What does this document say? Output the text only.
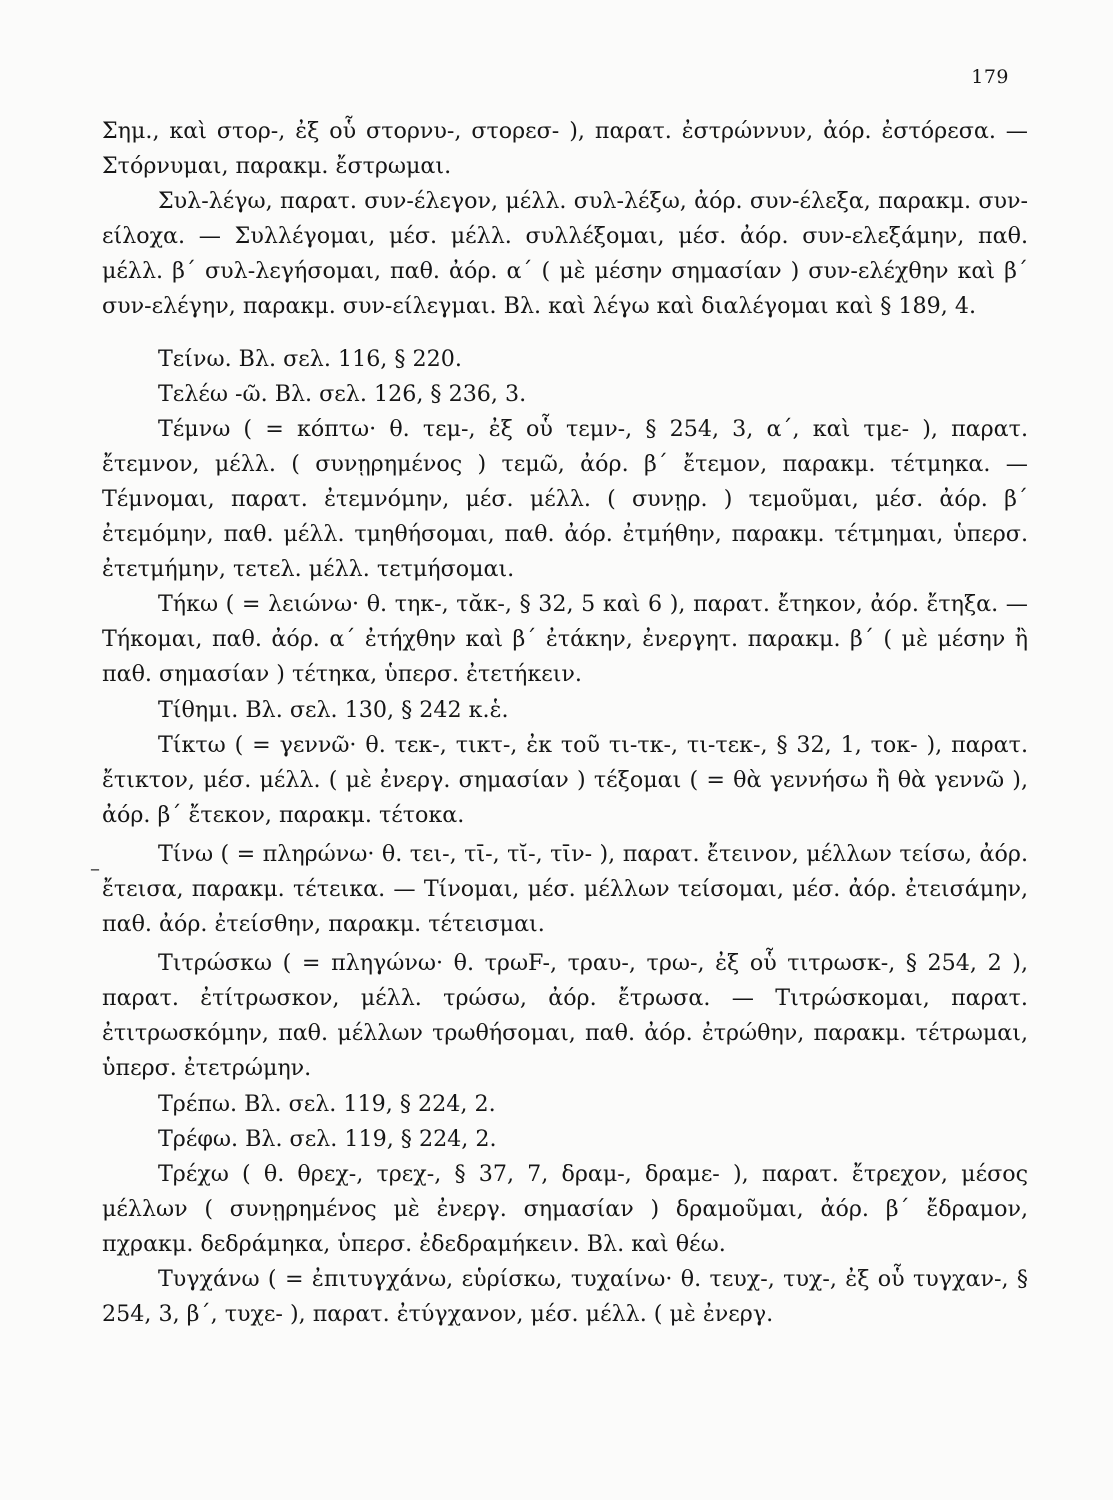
179
–
Σημ., καὶ στορ-, ἐξ οὗ στορνυ-, στορεσ- ), παρατ. ἐστρώννυν, ἀόρ. ἐστόρεσα. — Στόρνυμαι, παρακμ. ἔστρωμαι.
Συλ-λέγω, παρατ. συν-έλεγον, μέλλ. συλ-λέξω, ἀόρ. συν-έλεξα, παρακμ. συν-είλοχα. — Συλλέγομαι, μέσ. μέλλ. συλλέξομαι, μέσ. ἀόρ. συν-ελεξάμην, παθ. μέλλ. β΄ συλ-λεγήσομαι, παθ. ἀόρ. α΄ ( μὲ μέσην σημασίαν ) συν-ελέχθην καὶ β΄ συν-ελέγην, παρακμ. συν-είλεγμαι. Βλ. καὶ λέγω καὶ διαλέγομαι καὶ § 189, 4.
Τείνω. Βλ. σελ. 116, § 220.
Τελέω -ῶ. Βλ. σελ. 126, § 236, 3.
Τέμνω ( = κόπτω· θ. τεμ-, ἐξ οὗ τεμν-, § 254, 3, α΄, καὶ τμε- ), παρατ. ἔτεμνον, μέλλ. ( συνῃρημένος ) τεμῶ, ἀόρ. β΄ ἔτεμον, παρακμ. τέτμηκα. — Τέμνομαι, παρατ. ἐτεμνόμην, μέσ. μέλλ. ( συνῃρ. ) τεμοῦμαι, μέσ. ἀόρ. β΄ ἐτεμόμην, παθ. μέλλ. τμηθήσομαι, παθ. ἀόρ. ἐτμήθην, παρακμ. τέτμημαι, ὑπερσ. ἐτετμήμην, τετελ. μέλλ. τετμήσομαι.
Τήκω ( = λειώνω· θ. τηκ-, τᾰκ-, § 32, 5 καὶ 6 ), παρατ. ἔτηκον, ἀόρ. ἔτηξα. — Τήκομαι, παθ. ἀόρ. α΄ ἐτήχθην καὶ β΄ ἐτάκην, ἐνεργητ. παρακμ. β΄ ( μὲ μέσην ἢ παθ. σημασίαν ) τέτηκα, ὑπερσ. ἐτετήκειν.
Τίθημι. Βλ. σελ. 130, § 242 κ.ἑ.
Τίκτω ( = γεννῶ· θ. τεκ-, τικτ-, ἐκ τοῦ τι-τκ-, τι-τεκ-, § 32, 1, τοκ- ), παρατ. ἔτικτον, μέσ. μέλλ. ( μὲ ἐνεργ. σημασίαν ) τέξομαι ( = θὰ γεννήσω ἢ θὰ γεννῶ ), ἀόρ. β΄ ἔτεκον, παρακμ. τέτοκα.
Τίνω ( = πληρώνω· θ. τει-, τῑ-, τῐ-, τῑν- ), παρατ. ἔτεινον, μέλλων τείσω, ἀόρ. ἔτεισα, παρακμ. τέτεικα. — Τίνομαι, μέσ. μέλλων τείσομαι, μέσ. ἀόρ. ἐτεισάμην, παθ. ἀόρ. ἐτείσθην, παρακμ. τέτεισμαι.
Τιτρώσκω ( = πληγώνω· θ. τρωF-, τραυ-, τρω-, ἐξ οὗ τιτρωσκ-, § 254, 2 ), παρατ. ἐτίτρωσκον, μέλλ. τρώσω, ἀόρ. ἔτρωσα. — Τιτρώσκομαι, παρατ. ἐτιτρωσκόμην, παθ. μέλλων τρωθήσομαι, παθ. ἀόρ. ἐτρώθην, παρακμ. τέτρωμαι, ὑπερσ. ἐτετρώμην.
Τρέπω. Βλ. σελ. 119, § 224, 2.
Τρέφω. Βλ. σελ. 119, § 224, 2.
Τρέχω ( θ. θρεχ-, τρεχ-, § 37, 7, δραμ-, δραμε- ), παρατ. ἔτρεχον, μέσος μέλλων ( συνῃρημένος μὲ ἐνεργ. σημασίαν ) δραμοῦμαι, ἀόρ. β΄ ἔδραμον, πχρακμ. δεδράμηκα, ὑπερσ. ἐδεδραμήκειν. Βλ. καὶ θέω.
Τυγχάνω ( = ἐπιτυγχάνω, εὑρίσκω, τυχαίνω· θ. τευχ-, τυχ-, ἐξ οὗ τυγχαν-, § 254, 3, β΄, τυχε- ), παρατ. ἐτύγχανον, μέσ. μέλλ. ( μὲ ἐνεργ.
